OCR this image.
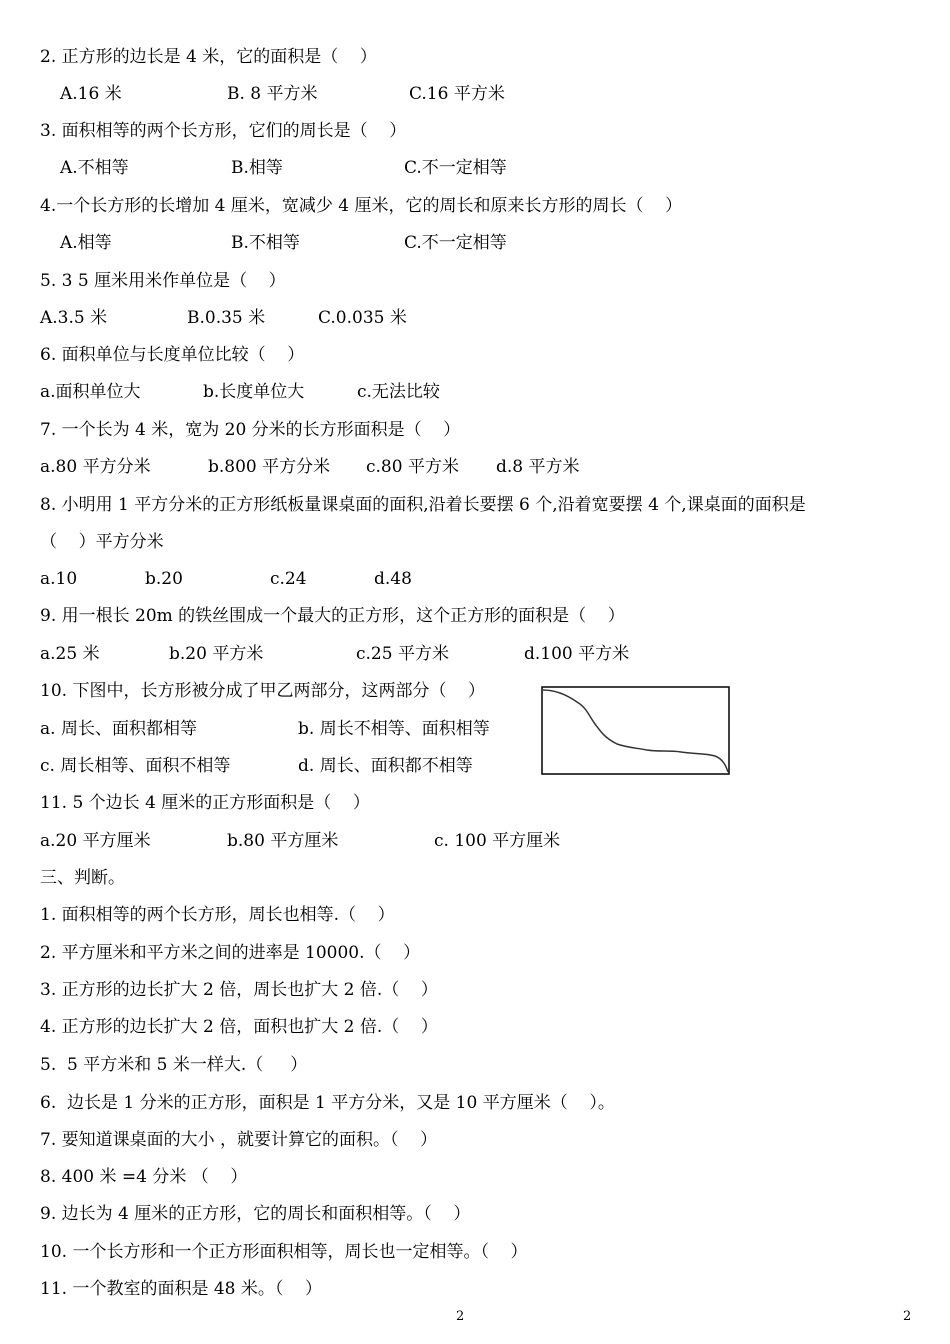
2. 正方形的边长是 4 米，它的面积是（    ）
A.16 米	B. 8 平方米	C.16 平方米
3. 面积相等的两个长方形，它们的周长是（    ）
A.不相等	B.相等	C.不一定相等
4.一个长方形的长增加 4 厘米，宽减少 4 厘米，它的周长和原来长方形的周长（    ）
A.相等	B.不相等	C.不一定相等
5. 3 5 厘米用米作单位是（    ）
A.3.5 米	B.0.35 米	C.0.035 米
6. 面积单位与长度单位比较（    ）
a.面积单位大	b.长度单位大	c.无法比较
7. 一个长为 4 米，宽为 20 分米的长方形面积是（    ）
a.80 平方分米	b.800 平方分米 c.80 平方米 d.8 平方米
8. 小明用 1 平方分米的正方形纸板量课桌面的面积,沿着长要摆 6 个,沿着宽要摆 4 个,课桌面的面积是
（    ）平方分米
a.10	b.20	c.24	d.48
9. 用一根长 20m 的铁丝围成一个最大的正方形，这个正方形的面积是（    ）
a.25 米	b.20 平方米	c.25 平方米	d.100 平方米
10. 下图中，长方形被分成了甲乙两部分，这两部分（    ）
a. 周长、面积都相等	b. 周长不相等、面积相等
c. 周长相等、面积不相等	d. 周长、面积都不相等
11. 5 个边长 4 厘米的正方形面积是（    ）
a.20 平方厘米	b.80 平方厘米	c. 100 平方厘米
三、判断。
1. 面积相等的两个长方形，周长也相等.（    ）
2. 平方厘米和平方米之间的进率是 10000.（    ）
3. 正方形的边长扩大 2 倍，周长也扩大 2 倍.（    ）
4. 正方形的边长扩大 2 倍，面积也扩大 2 倍.（    ）
5.  5 平方米和 5 米一样大.（     ）
6.  边长是 1 分米的正方形，面积是 1 平方分米，又是 10 平方厘米（    ）。
7. 要知道课桌面的大小 ，就要计算它的面积。（    ）
8. 400 米 =4 分米 （    ）
9. 边长为 4 厘米的正方形，它的周长和面积相等。（    ）
10. 一个长方形和一个正方形面积相等，周长也一定相等。（    ）
11. 一个教室的面积是 48 米。（    ）
2	2
